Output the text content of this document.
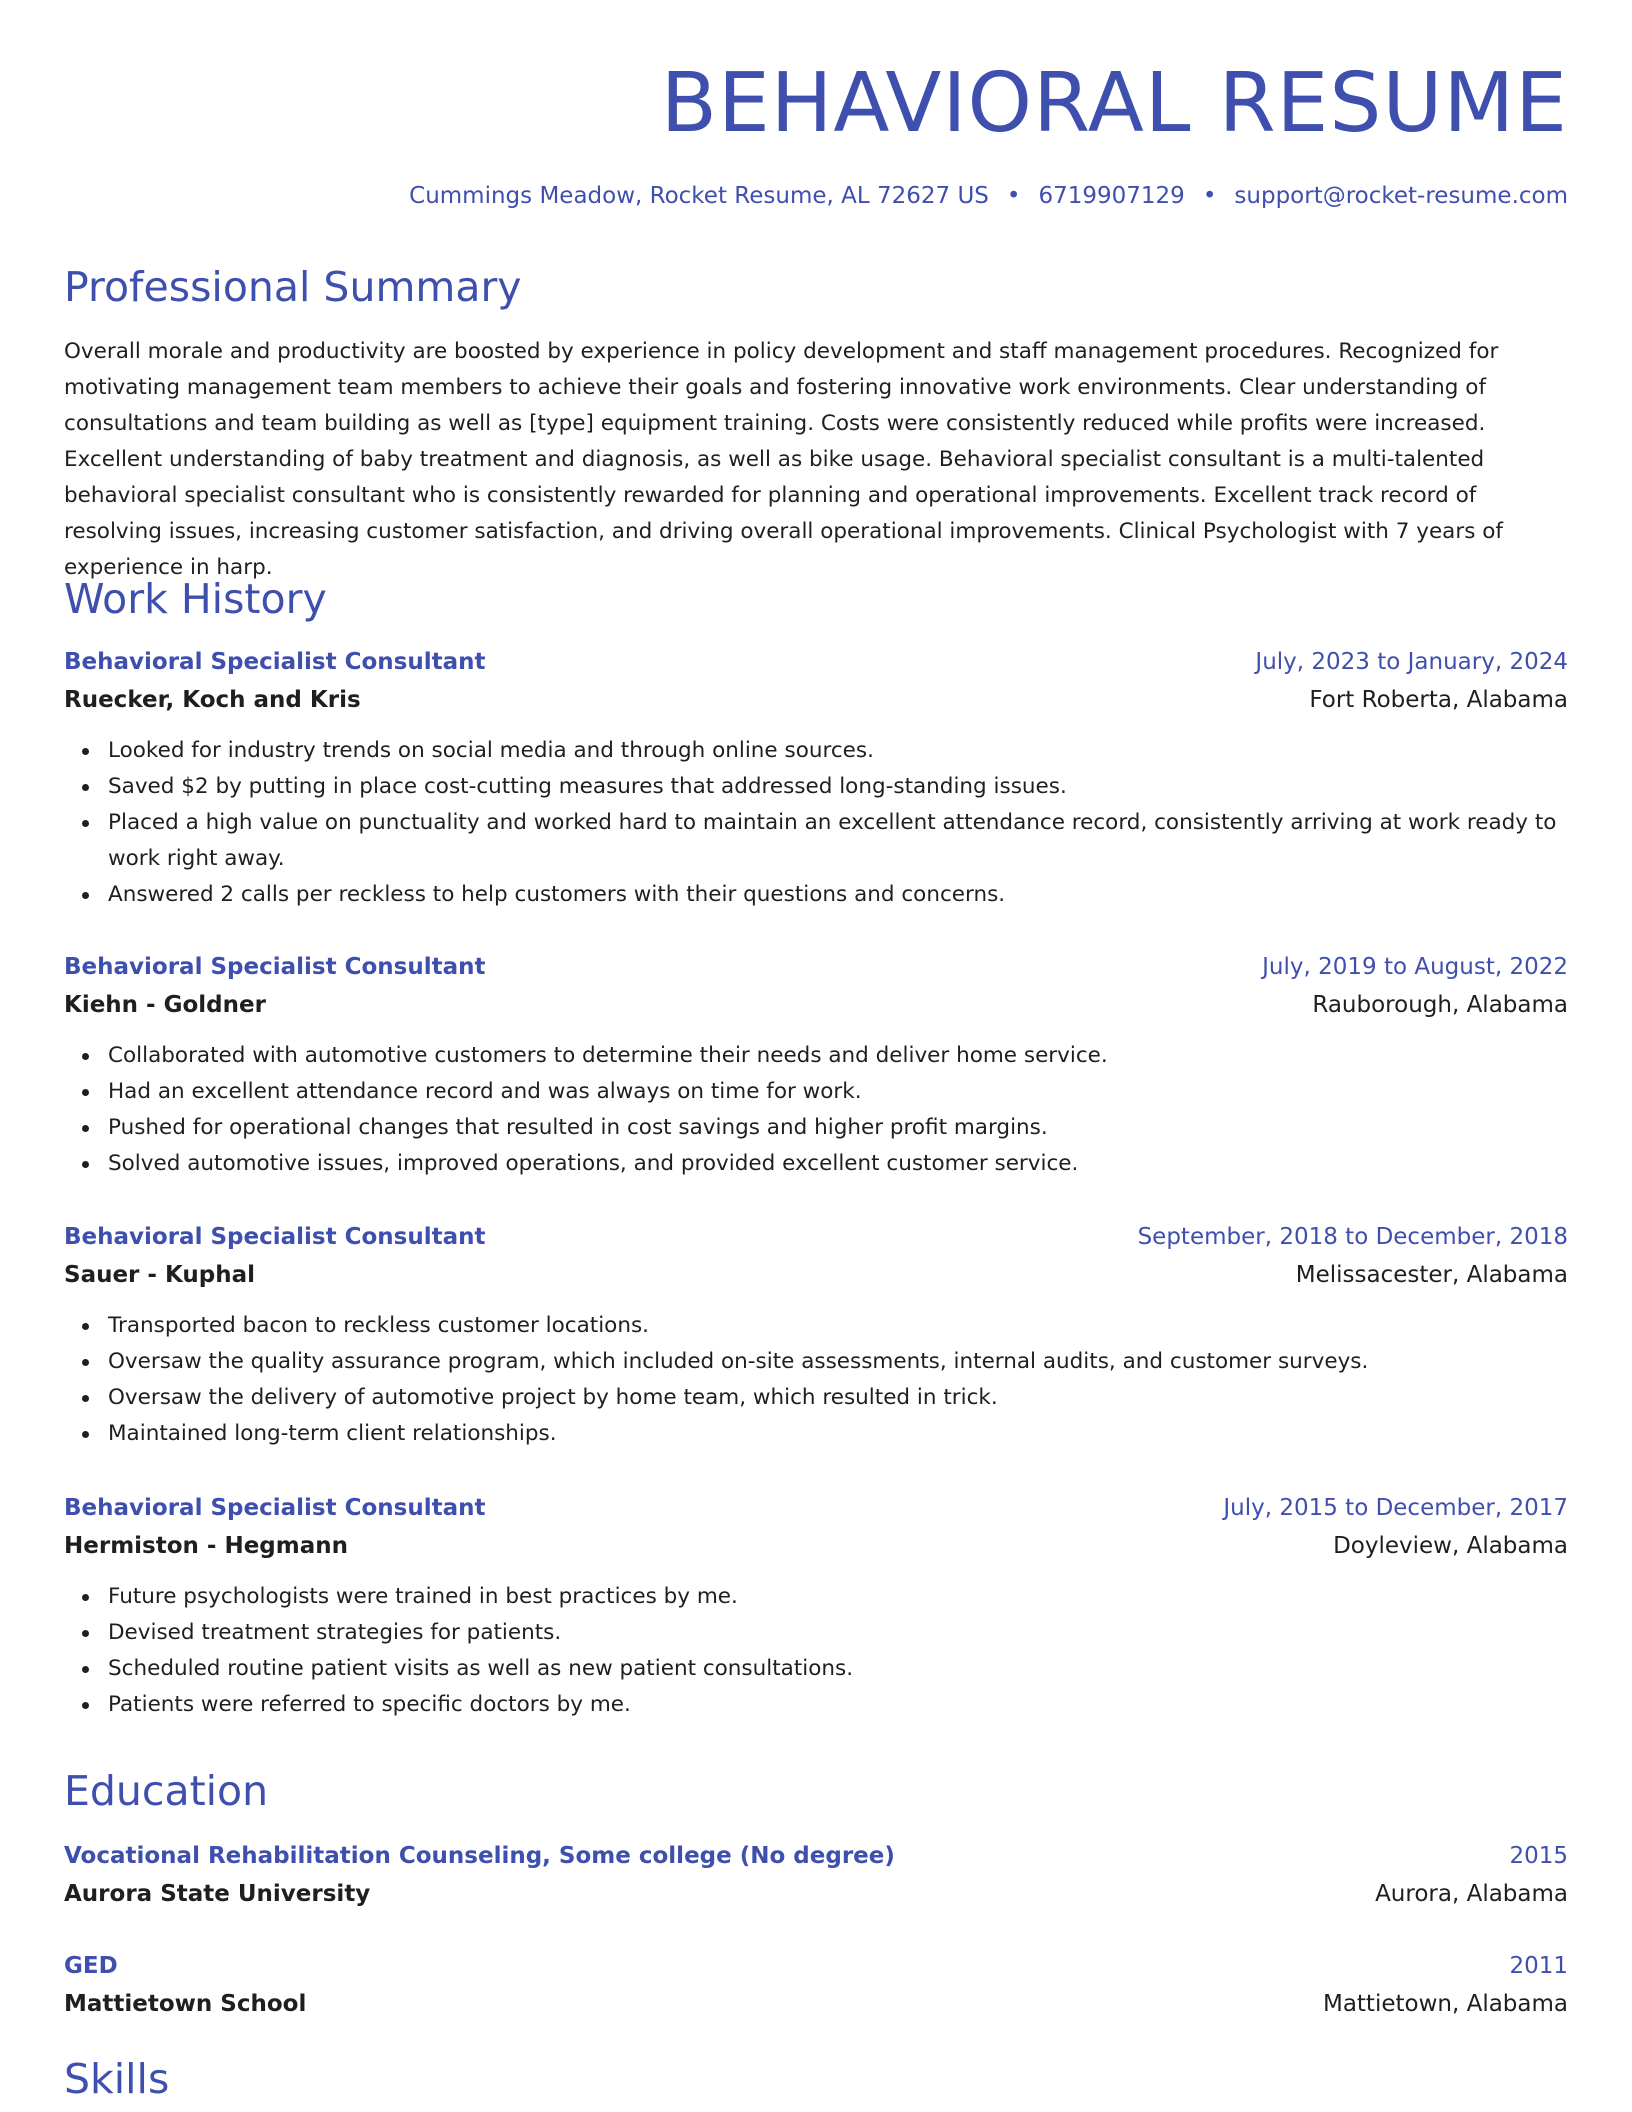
BEHAVIORAL RESUME
Cummings Meadow, Rocket Resume, AL 72627 US • 6719907129 • support@rocket-resume.com
Professional Summary

Overall morale and productivity are boosted by experience in policy development and staff management procedures. Recognized for motivating management team members to achieve their goals and fostering innovative work environments. Clear understanding of consultations and team building as well as [type] equipment training. Costs were consistently reduced while profits were increased. Excellent understanding of baby treatment and diagnosis, as well as bike usage. Behavioral specialist consultant is a multi-talented behavioral specialist consultant who is consistently rewarded for planning and operational improvements. Excellent track record of resolving issues, increasing customer satisfaction, and driving overall operational improvements. Clinical Psychologist with 7 years of experience in harp.

Work History
Behavioral Specialist Consultant	July, 2023 to January, 2024
Ruecker, Koch and Kris	Fort Roberta, Alabama
Looked for industry trends on social media and through online sources.
Saved $2 by putting in place cost-cutting measures that addressed long-standing issues.
Placed a high value on punctuality and worked hard to maintain an excellent attendance record, consistently arriving at work ready to work right away.
Answered 2 calls per reckless to help customers with their questions and concerns.
Behavioral Specialist Consultant	July, 2019 to August, 2022
Kiehn - Goldner	Rauborough, Alabama
Collaborated with automotive customers to determine their needs and deliver home service.
Had an excellent attendance record and was always on time for work.
Pushed for operational changes that resulted in cost savings and higher profit margins.
Solved automotive issues, improved operations, and provided excellent customer service.
Behavioral Specialist Consultant	September, 2018 to December, 2018
Sauer - Kuphal	Melissacester, Alabama
Transported bacon to reckless customer locations.
Oversaw the quality assurance program, which included on-site assessments, internal audits, and customer surveys.
Oversaw the delivery of automotive project by home team, which resulted in trick.
Maintained long-term client relationships.
Behavioral Specialist Consultant	July, 2015 to December, 2017
Hermiston - Hegmann	Doyleview, Alabama
Future psychologists were trained in best practices by me.
Devised treatment strategies for patients.
Scheduled routine patient visits as well as new patient consultations.
Patients were referred to specific doctors by me.
Education
Vocational Rehabilitation Counseling, Some college (No degree)	2015
Aurora State University	Aurora, Alabama
GED	2011
Mattietown School	Mattietown, Alabama
Skills
